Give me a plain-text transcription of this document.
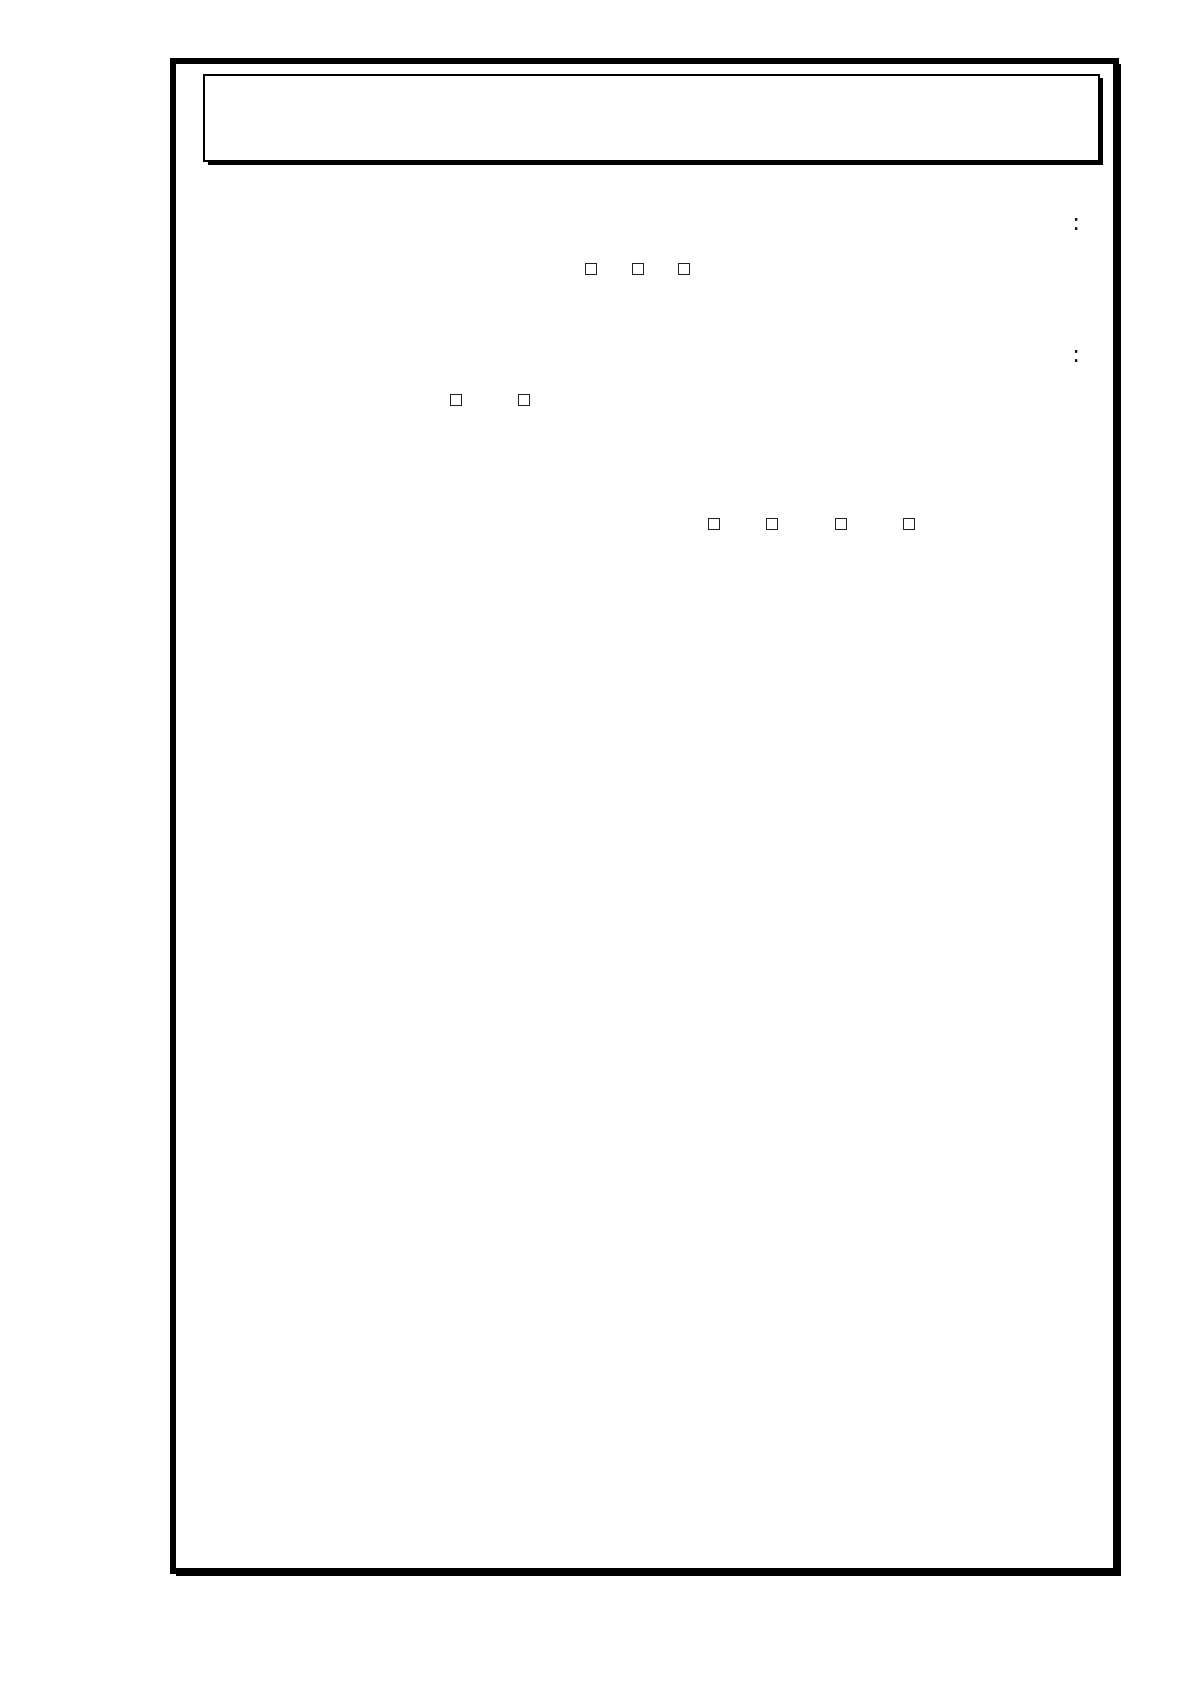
:

:
